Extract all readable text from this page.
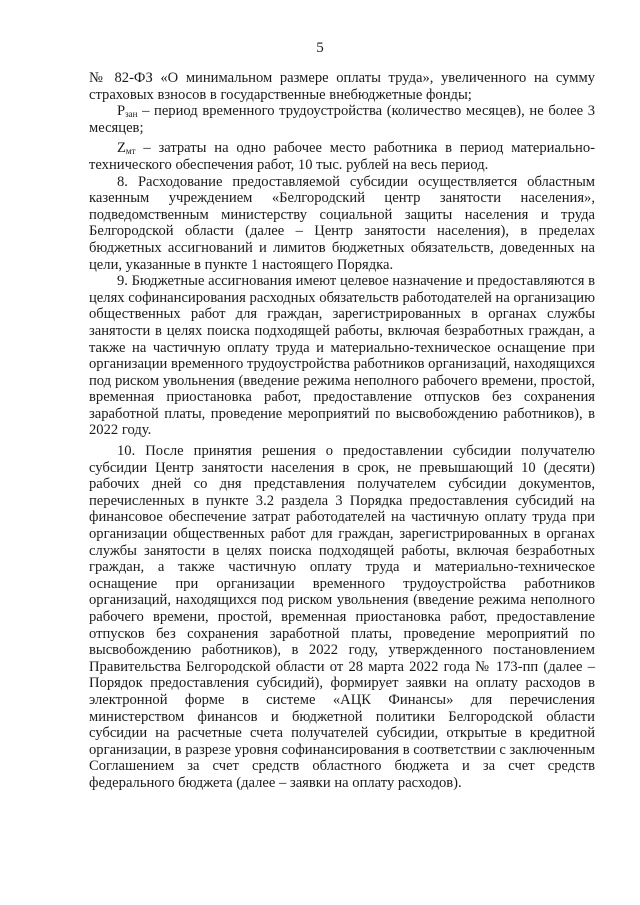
5

№ 82-ФЗ «О минимальном размере оплаты труда», увеличенного на сумму страховых взносов в государственные внебюджетные фонды;

$P_{зан}$ – период временного трудоустройства (количество месяцев), не более 3 месяцев;

$Z_{мт}$ – затраты на одно рабочее место работника в период материально-технического обеспечения работ, 10 тыс. рублей на весь период.

8. Расходование предоставляемой субсидии осуществляется областным казенным учреждением «Белгородский центр занятости населения», подведомственным министерству социальной защиты населения и труда Белгородской области (далее – Центр занятости населения), в пределах бюджетных ассигнований и лимитов бюджетных обязательств, доведенных на цели, указанные в пункте 1 настоящего Порядка.

9. Бюджетные ассигнования имеют целевое назначение и предоставляются в целях софинансирования расходных обязательств работодателей на организацию общественных работ для граждан, зарегистрированных в органах службы занятости в целях поиска подходящей работы, включая безработных граждан, а также на частичную оплату труда и материально-техническое оснащение при организации временного трудоустройства работников организаций, находящихся под риском увольнения (введение режима неполного рабочего времени, простой, временная приостановка работ, предоставление отпусков без сохранения заработной платы, проведение мероприятий по высвобождению работников), в 2022 году.

10. После принятия решения о предоставлении субсидии получателю субсидии Центр занятости населения в срок, не превышающий 10 (десяти) рабочих дней со дня представления получателем субсидии документов, перечисленных в пункте 3.2 раздела 3 Порядка предоставления субсидий на финансовое обеспечение затрат работодателей на частичную оплату труда при организации общественных работ для граждан, зарегистрированных в органах службы занятости в целях поиска подходящей работы, включая безработных граждан, а также частичную оплату труда и материально-техническое оснащение при организации временного трудоустройства работников организаций, находящихся под риском увольнения (введение режима неполного рабочего времени, простой, временная приостановка работ, предоставление отпусков без сохранения заработной платы, проведение мероприятий по высвобождению работников), в 2022 году, утвержденного постановлением Правительства Белгородской области от 28 марта 2022 года № 173-пп (далее – Порядок предоставления субсидий), формирует заявки на оплату расходов в электронной форме в системе «АЦК Финансы» для перечисления министерством финансов и бюджетной политики Белгородской области субсидии на расчетные счета получателей субсидии, открытые в кредитной организации, в разрезе уровня софинансирования в соответствии с заключенным Соглашением за счет средств областного бюджета и за счет средств федерального бюджета (далее – заявки на оплату расходов).
